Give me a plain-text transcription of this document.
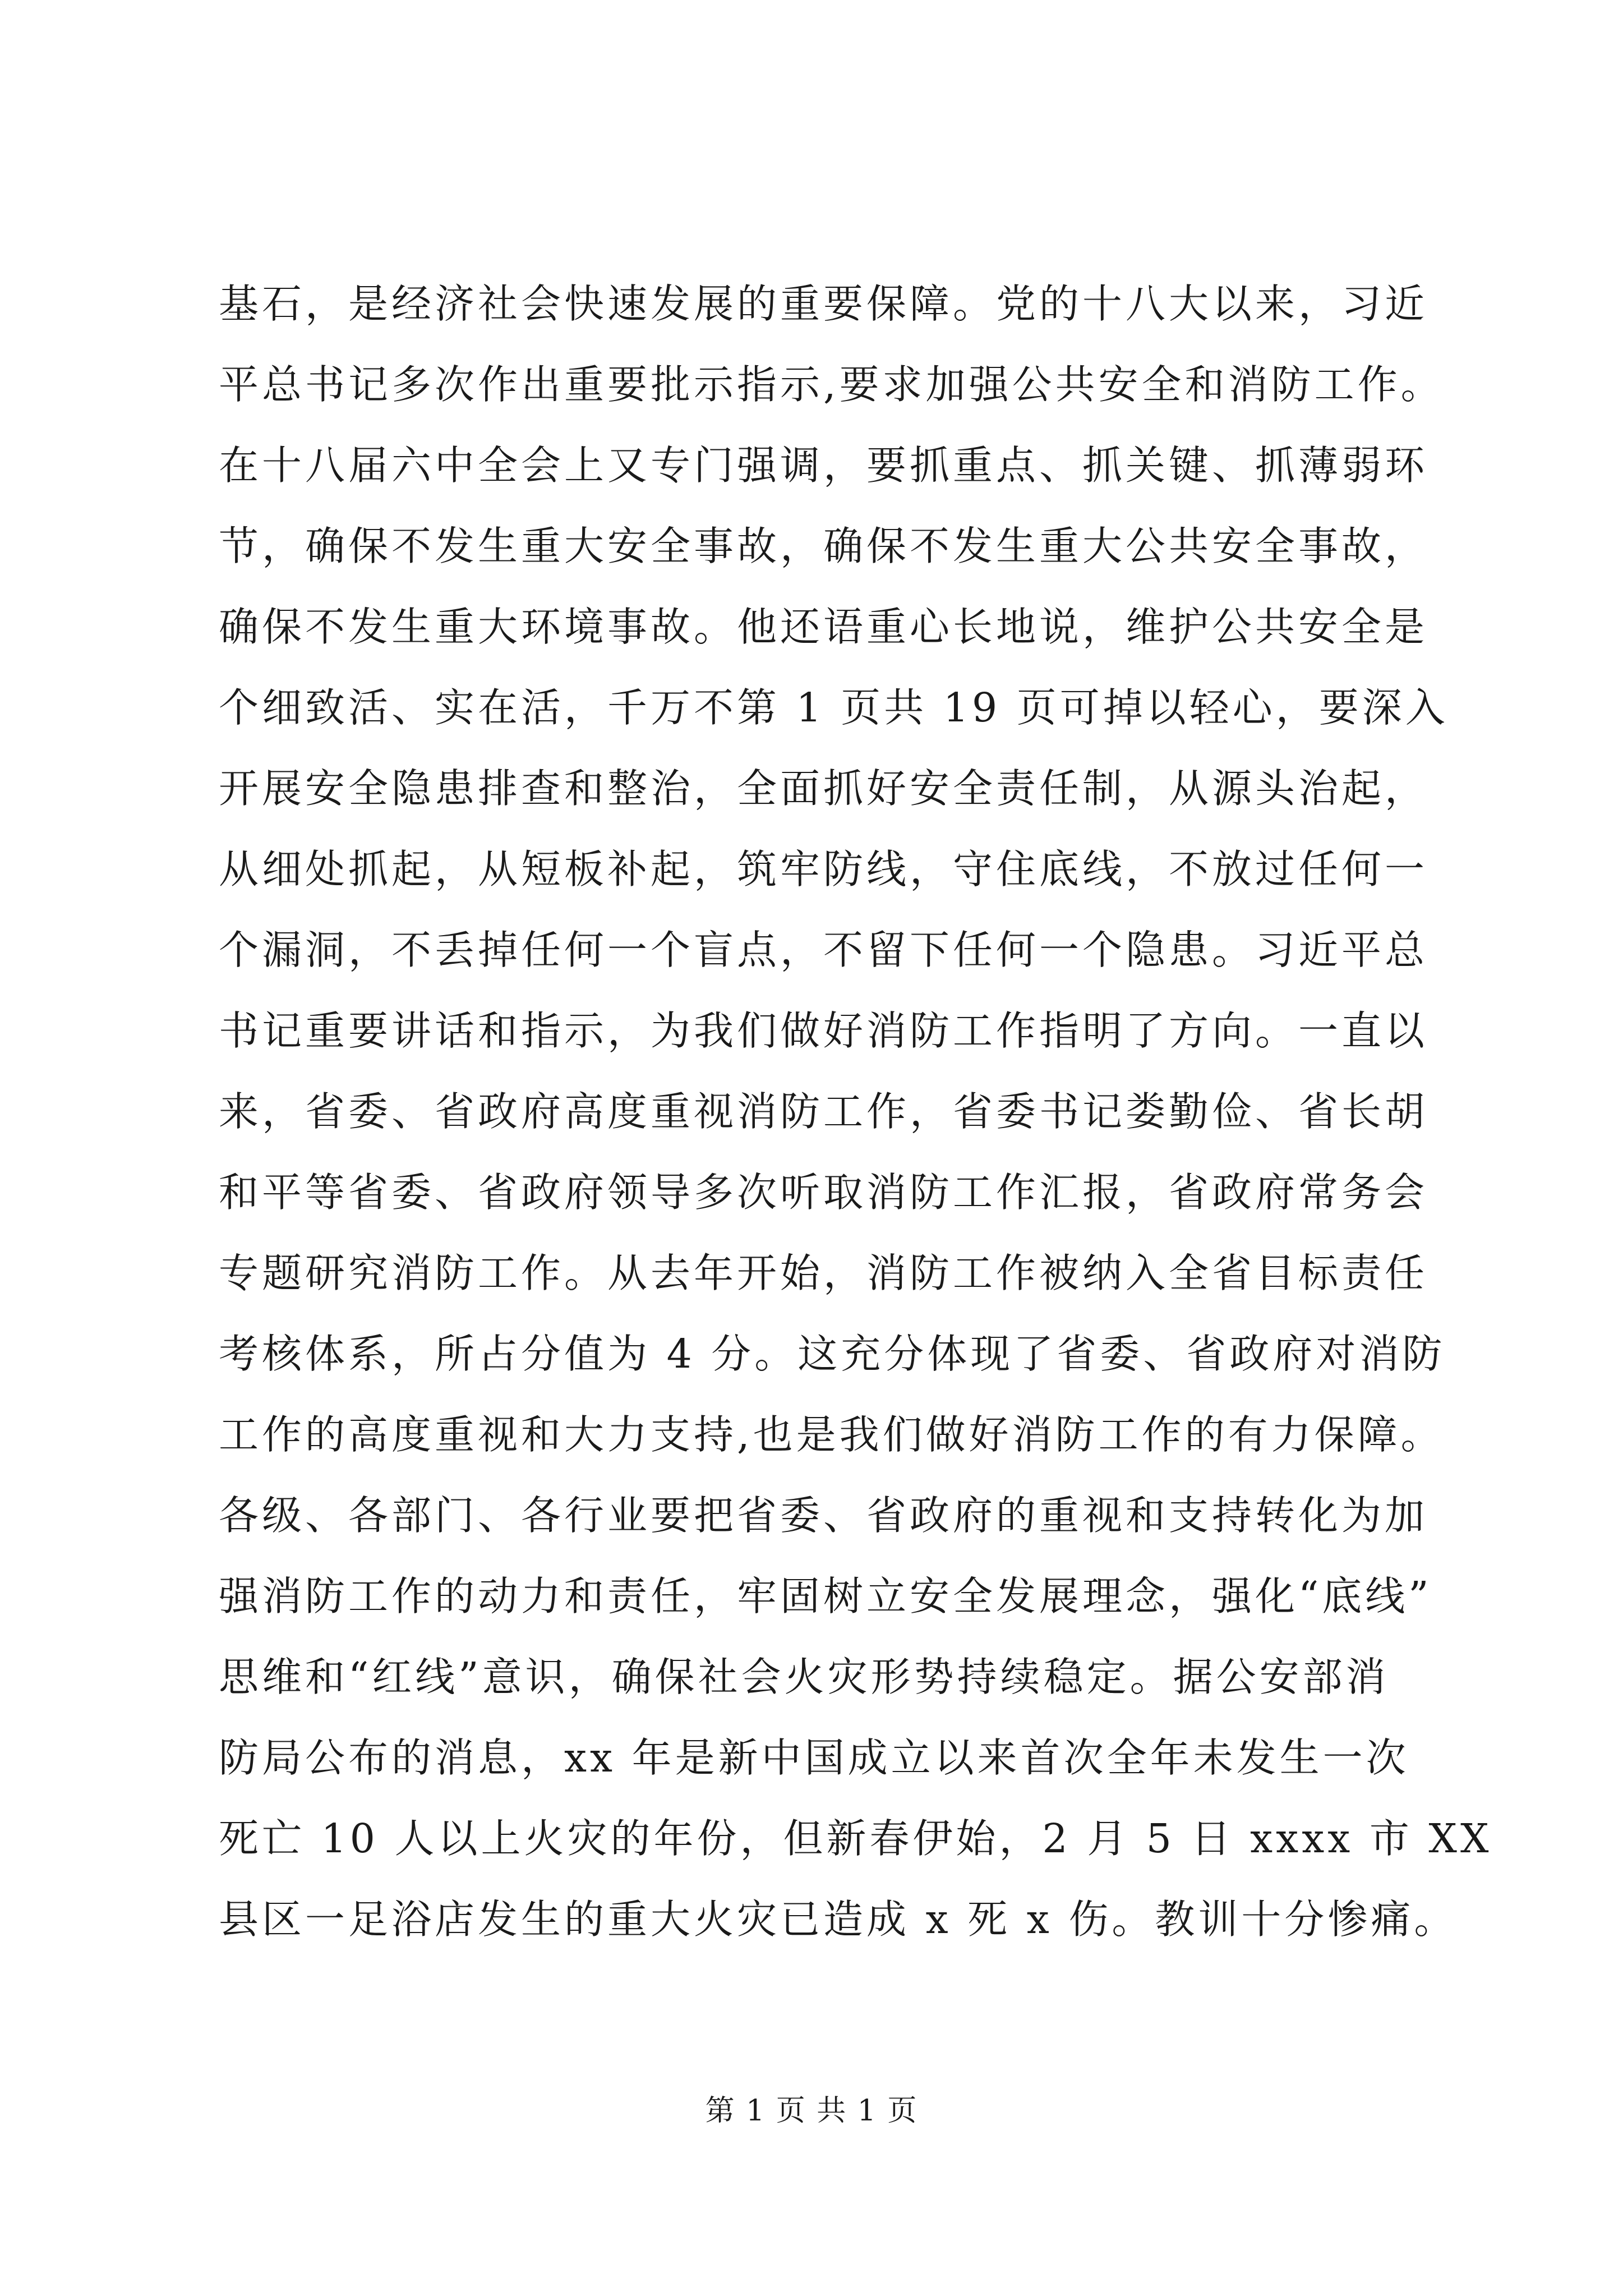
基石，是经济社会快速发展的重要保障。党的十八大以来，习近
平总书记多次作出重要批示指示,要求加强公共安全和消防工作。
在十八届六中全会上又专门强调，要抓重点、抓关键、抓薄弱环
节，确保不发生重大安全事故，确保不发生重大公共安全事故，
确保不发生重大环境事故。他还语重心长地说，维护公共安全是
个细致活、实在活，千万不第 1 页共 19 页可掉以轻心，要深入
开展安全隐患排查和整治，全面抓好安全责任制，从源头治起，
从细处抓起，从短板补起，筑牢防线，守住底线，不放过任何一
个漏洞，不丢掉任何一个盲点，不留下任何一个隐患。习近平总
书记重要讲话和指示，为我们做好消防工作指明了方向。一直以
来，省委、省政府高度重视消防工作，省委书记娄勤俭、省长胡
和平等省委、省政府领导多次听取消防工作汇报，省政府常务会
专题研究消防工作。从去年开始，消防工作被纳入全省目标责任
考核体系，所占分值为 4 分。这充分体现了省委、省政府对消防
工作的高度重视和大力支持,也是我们做好消防工作的有力保障。
各级、各部门、各行业要把省委、省政府的重视和支持转化为加
强消防工作的动力和责任，牢固树立安全发展理念，强化“底线”
思维和“红线”意识，确保社会火灾形势持续稳定。据公安部消
防局公布的消息，xx 年是新中国成立以来首次全年未发生一次
死亡 10 人以上火灾的年份，但新春伊始，2 月 5 日 xxxx 市 XX
县区一足浴店发生的重大火灾已造成 x 死 x 伤。教训十分惨痛。
第 1 页 共 1 页
